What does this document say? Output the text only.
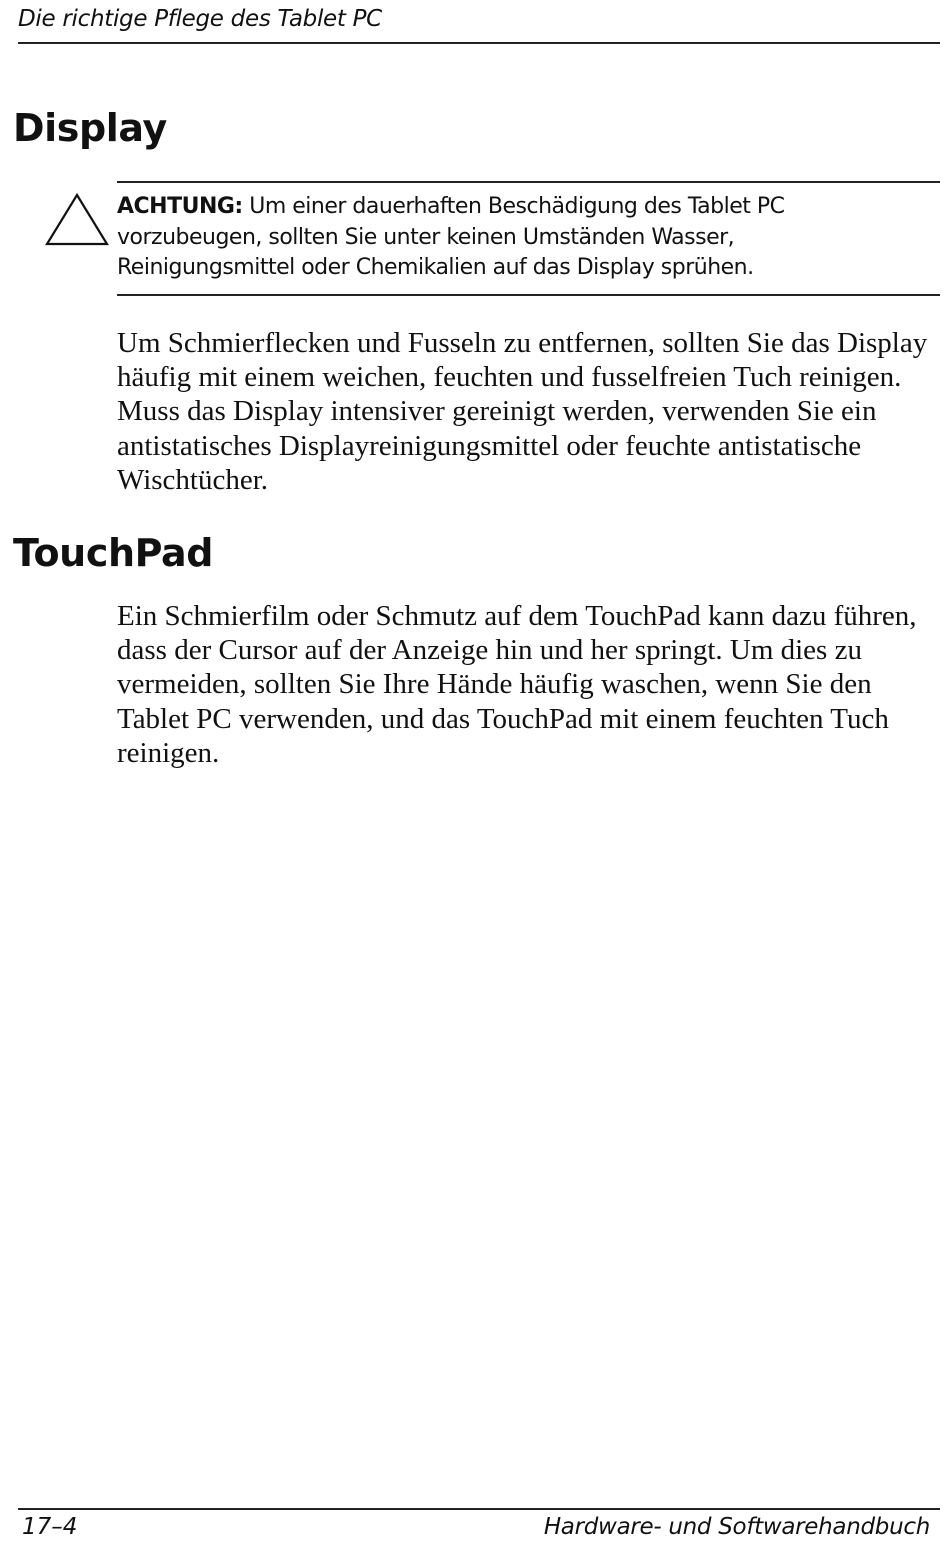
Die richtige Pflege des Tablet PC
Display
ACHTUNG: Um einer dauerhaften Beschädigung des Tablet PC vorzubeugen, sollten Sie unter keinen Umständen Wasser, Reinigungsmittel oder Chemikalien auf das Display sprühen.

Um Schmierflecken und Fusseln zu entfernen, sollten Sie das Display häufig mit einem weichen, feuchten und fusselfreien Tuch reinigen. Muss das Display intensiver gereinigt werden, verwenden Sie ein antistatisches Displayreinigungsmittel oder feuchte antistatische Wischtücher.

TouchPad

Ein Schmierfilm oder Schmutz auf dem TouchPad kann dazu führen, dass der Cursor auf der Anzeige hin und her springt. Um dies zu vermeiden, sollten Sie Ihre Hände häufig waschen, wenn Sie den Tablet PC verwenden, und das TouchPad mit einem feuchten Tuch reinigen.

17–4	Hardware- und Softwarehandbuch
